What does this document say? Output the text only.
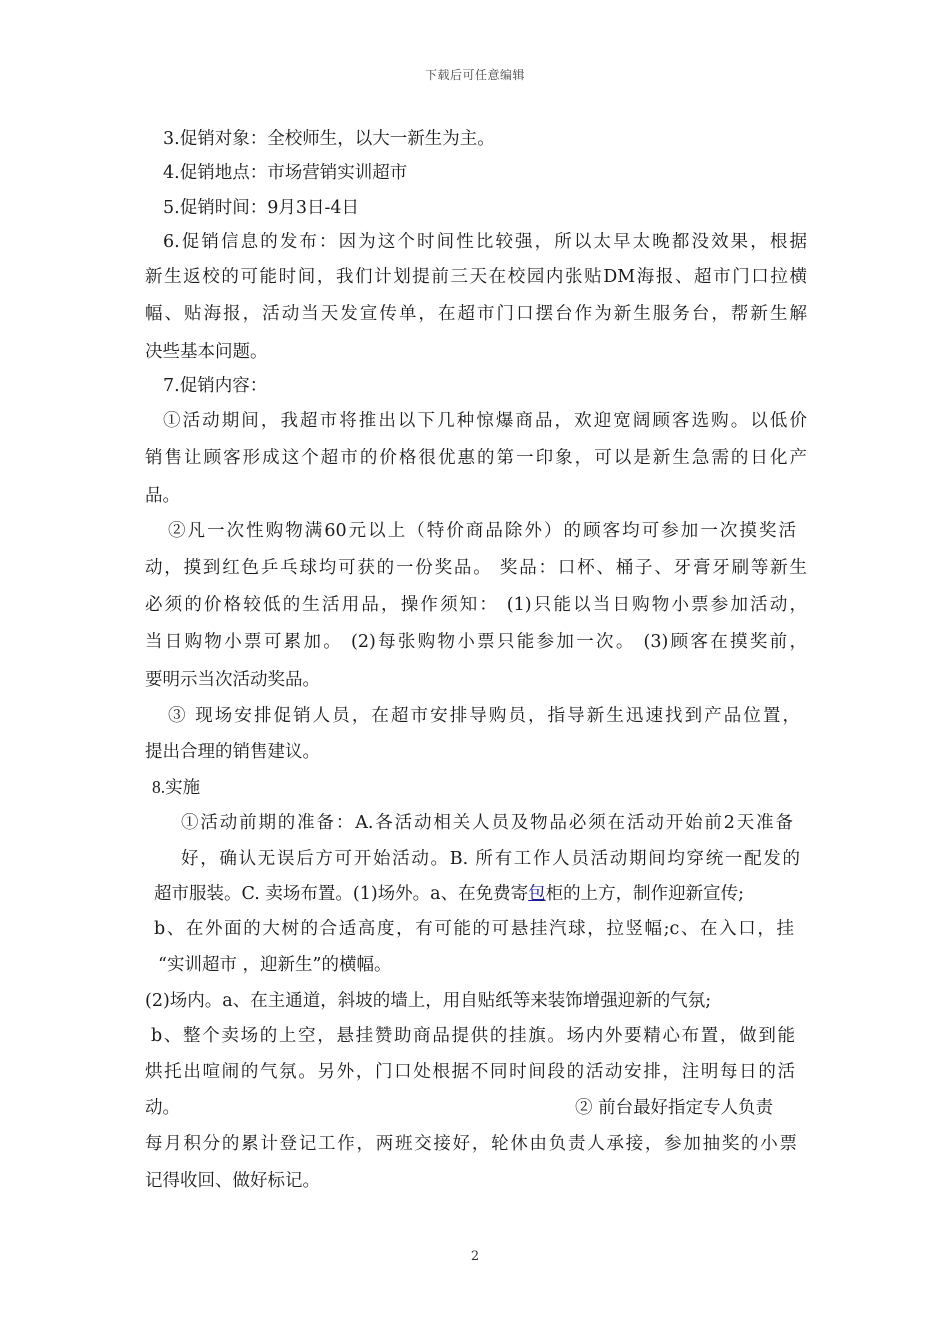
下载后可任意编辑
3.促销对象：全校师生，以大一新生为主。
4.促销地点：市场营销实训超市
5.促销时间：9月3日-4日
6.促销信息的发布：因为这个时间性比较强，所以太早太晚都没效果，根据
新生返校的可能时间，我们计划提前三天在校园内张贴DM海报、超市门口拉横
幅、贴海报，活动当天发宣传单，在超市门口摆台作为新生服务台，帮新生解
决些基本问题。
7.促销内容：
①活动期间，我超市将推出以下几种惊爆商品，欢迎宽阔顾客选购。以低价
销售让顾客形成这个超市的价格很优惠的第一印象，可以是新生急需的日化产
品。
②凡一次性购物满60元以上（特价商品除外）的顾客均可参加一次摸奖活
动，摸到红色乒乓球均可获的一份奖品。 奖品：口杯、桶子、牙膏牙刷等新生
必须的价格较低的生活用品，操作须知： (1)只能以当日购物小票参加活动，
当日购物小票可累加。 (2)每张购物小票只能参加一次。 (3)顾客在摸奖前，
要明示当次活动奖品。
③ 现场安排促销人员，在超市安排导购员，指导新生迅速找到产品位置，
提出合理的销售建议。
8.实施
①活动前期的准备：A.各活动相关人员及物品必须在活动开始前2天准备
好，确认无误后方可开始活动。B. 所有工作人员活动期间均穿统一配发的
超市服装。C. 卖场布置。(1)场外。a、在免费寄包柜的上方，制作迎新宣传;
b、在外面的大树的合适高度，有可能的可悬挂汽球，拉竖幅;c、在入口，挂
“实训超市 ，迎新生”的横幅。
(2)场内。a、在主通道，斜坡的墙上，用自贴纸等来装饰增强迎新的气氛;
b、整个卖场的上空，悬挂赞助商品提供的挂旗。场内外要精心布置，做到能
烘托出喧闹的气氛。另外，门口处根据不同时间段的活动安排，注明每日的活
动。	② 前台最好指定专人负责
每月积分的累计登记工作，两班交接好，轮休由负责人承接，参加抽奖的小票
记得收回、做好标记。
2
